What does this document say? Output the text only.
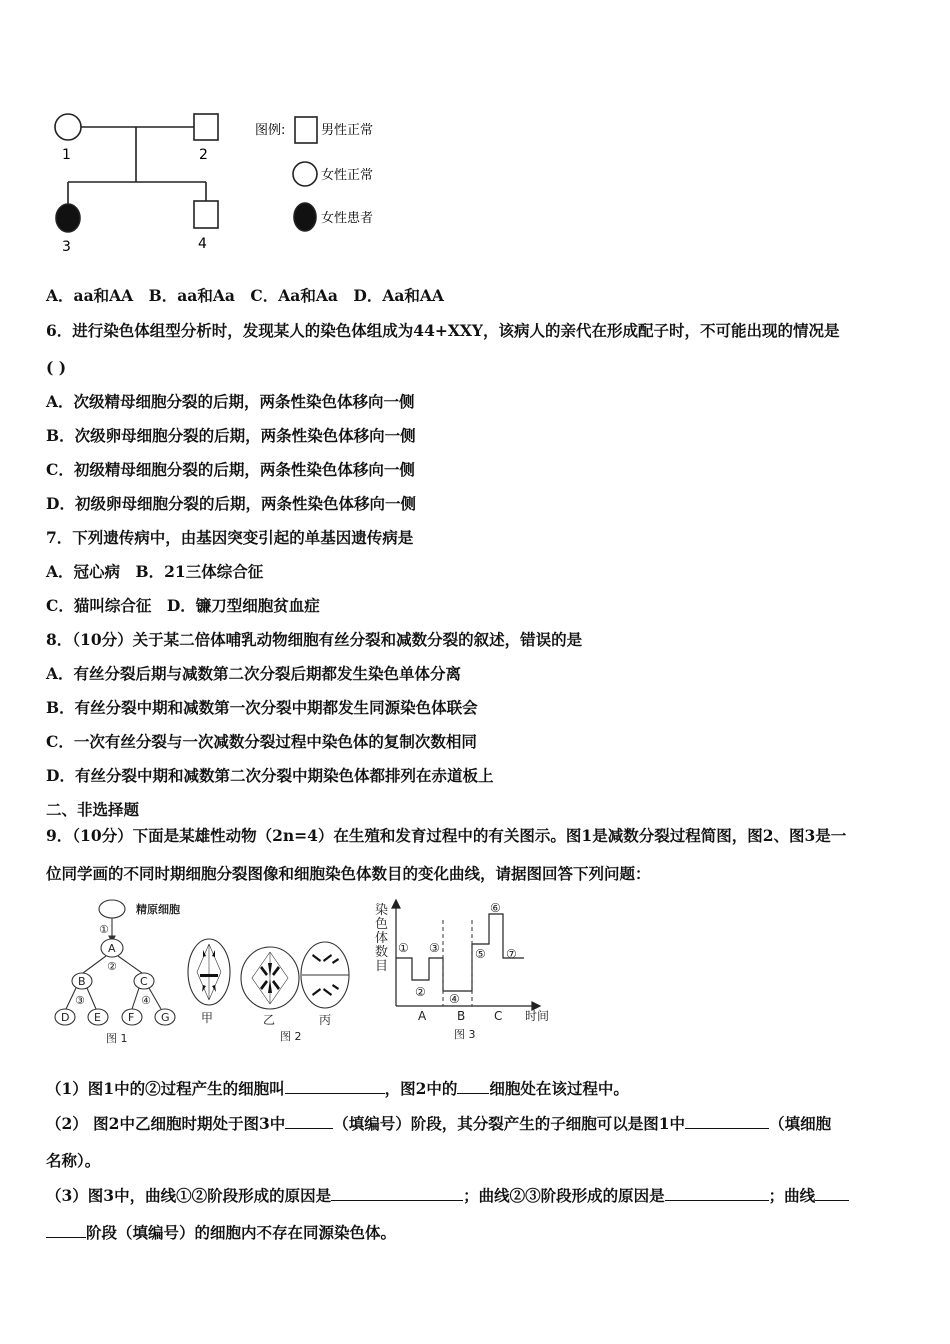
1	2
3	4
图例:	男性正常
女性正常
女性患者
A．aa和AA　B．aa和Aa　C．Aa和Aa　D．Aa和AA
6．进行染色体组型分析时，发现某人的染色体组成为44+XXY，该病人的亲代在形成配子时，不可能出现的情况是
( )
A．次级精母细胞分裂的后期，两条性染色体移向一侧
B．次级卵母细胞分裂的后期，两条性染色体移向一侧
C．初级精母细胞分裂的后期，两条性染色体移向一侧
D．初级卵母细胞分裂的后期，两条性染色体移向一侧
7．下列遗传病中，由基因突变引起的单基因遗传病是
A．冠心病　B．21三体综合征
C．猫叫综合征　D．镰刀型细胞贫血症
8．（10分）关于某二倍体哺乳动物细胞有丝分裂和减数分裂的叙述，错误的是
A．有丝分裂后期与减数第二次分裂后期都发生染色单体分离
B．有丝分裂中期和减数第一次分裂中期都发生同源染色体联会
C．一次有丝分裂与一次减数分裂过程中染色体的复制次数相同
D．有丝分裂中期和减数第二次分裂中期染色体都排列在赤道板上
二、非选择题
9．（10分）下面是某雄性动物（2n=4）在生殖和发育过程中的有关图示。图1是减数分裂过程简图，图2、图3是一
位同学画的不同时期细胞分裂图像和细胞染色体数目的变化曲线，请据图回答下列问题：
精原细胞
①
A
②
B	C
③	④
D E F G
图 1
甲	乙	丙
图 2
染
色
体
数
目
①
②
③
④
⑤
⑥
⑦
A	B C 时间
图 3
（1）图1中的②过程产生的细胞叫	，图2中的 细胞处在该过程中。
（2） 图2中乙细胞时期处于图3中	（填编号）阶段，其分裂产生的子细胞可以是图1中	（填细胞
名称）。
（3）图3中，曲线①②阶段形成的原因是	；曲线②③阶段形成的原因是	；曲线
阶段（填编号）的细胞内不存在同源染色体。
